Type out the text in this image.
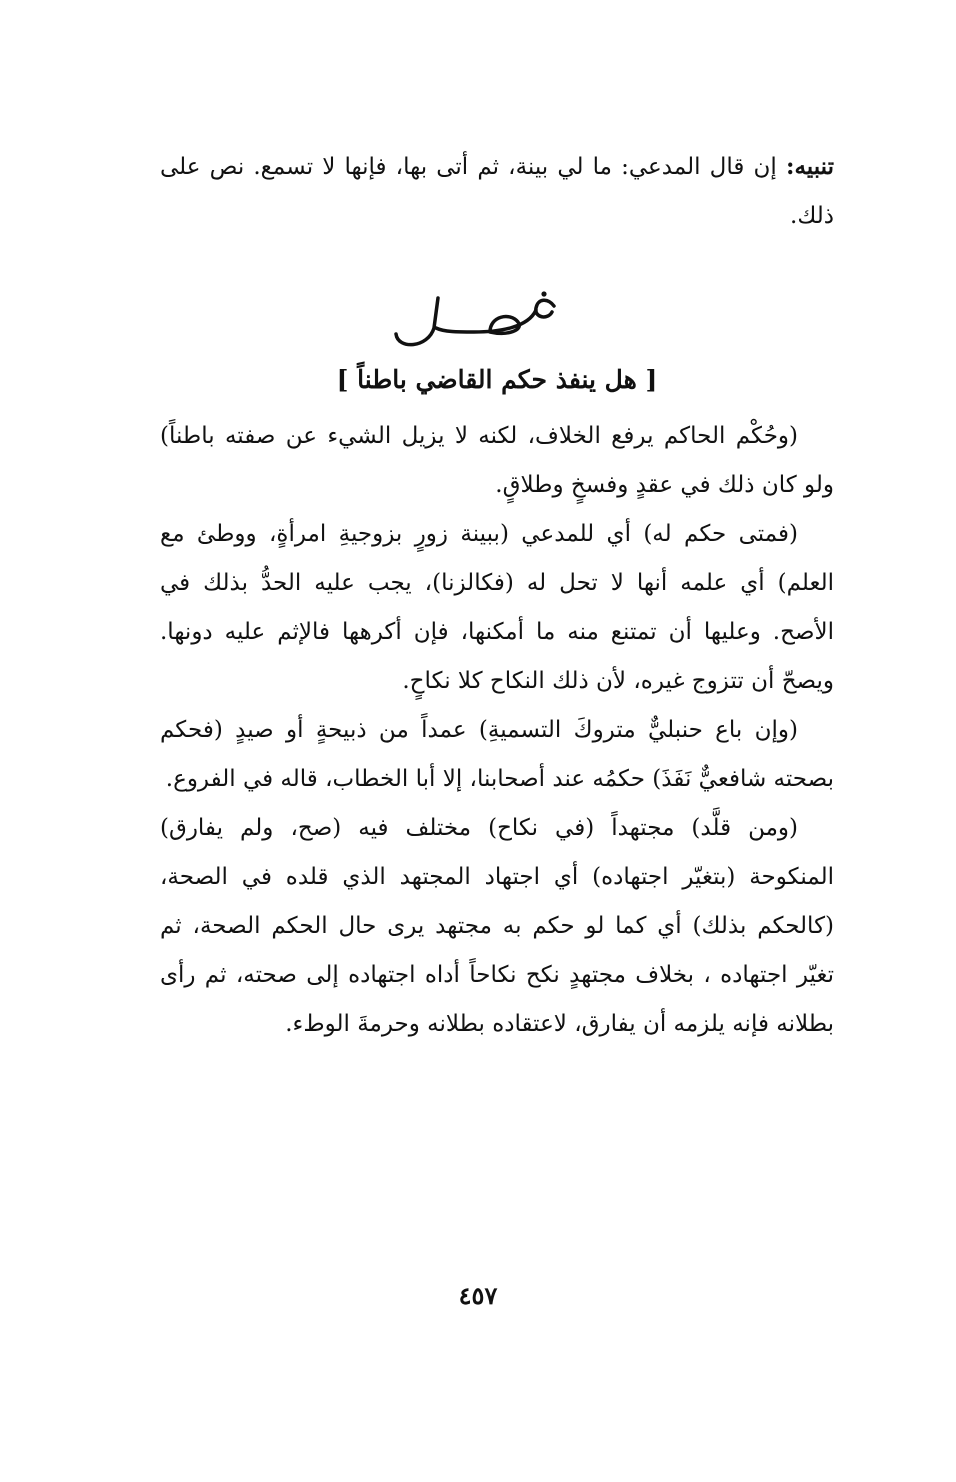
تنبيه: إن قال المدعي: ما لي بينة، ثم أتى بها، فإنها لا تسمع. نص على ذلك.

[ هل ينفذ حكم القاضي باطناً ]

(وحُكْم الحاكم يرفع الخلاف، لكنه لا يزيل الشيء عن صفته باطناً) ولو كان ذلك في عقدٍ وفسخٍ وطلاقٍ.

(فمتى حكم له) أي للمدعي (ببينة زورٍ بزوجيةِ امرأةٍ، ووطئ مع العلم) أي علمه أنها لا تحل له (فكالزنا)، يجب عليه الحدُّ بذلك في الأصح. وعليها أن تمتنع منه ما أمكنها، فإن أكرهها فالإثم عليه دونها. ويصحّ أن تتزوج غيره، لأن ذلك النكاح كلا نكاحٍ.

(وإن باع حنبليٌّ متروكَ التسميةِ) عمداً من ذبيحةٍ أو صيدٍ (فحكم بصحته شافعيٌّ نَفَذَ) حكمُه عند أصحابنا، إلا أبا الخطاب، قاله في الفروع.

(ومن قلَّد) مجتهداً (في نكاح) مختلف فيه (صح، ولم يفارق) المنكوحة (بتغيّر اجتهاده) أي اجتهاد المجتهد الذي قلده في الصحة، (كالحكم بذلك) أي كما لو حكم به مجتهد يرى حال الحكم الصحة، ثم تغيّر اجتهاده ، بخلاف مجتهدٍ نكح نكاحاً أداه اجتهاده إلى صحته، ثم رأى بطلانه فإنه يلزمه أن يفارق، لاعتقاده بطلانه وحرمةَ الوطء.

٤٥٧
